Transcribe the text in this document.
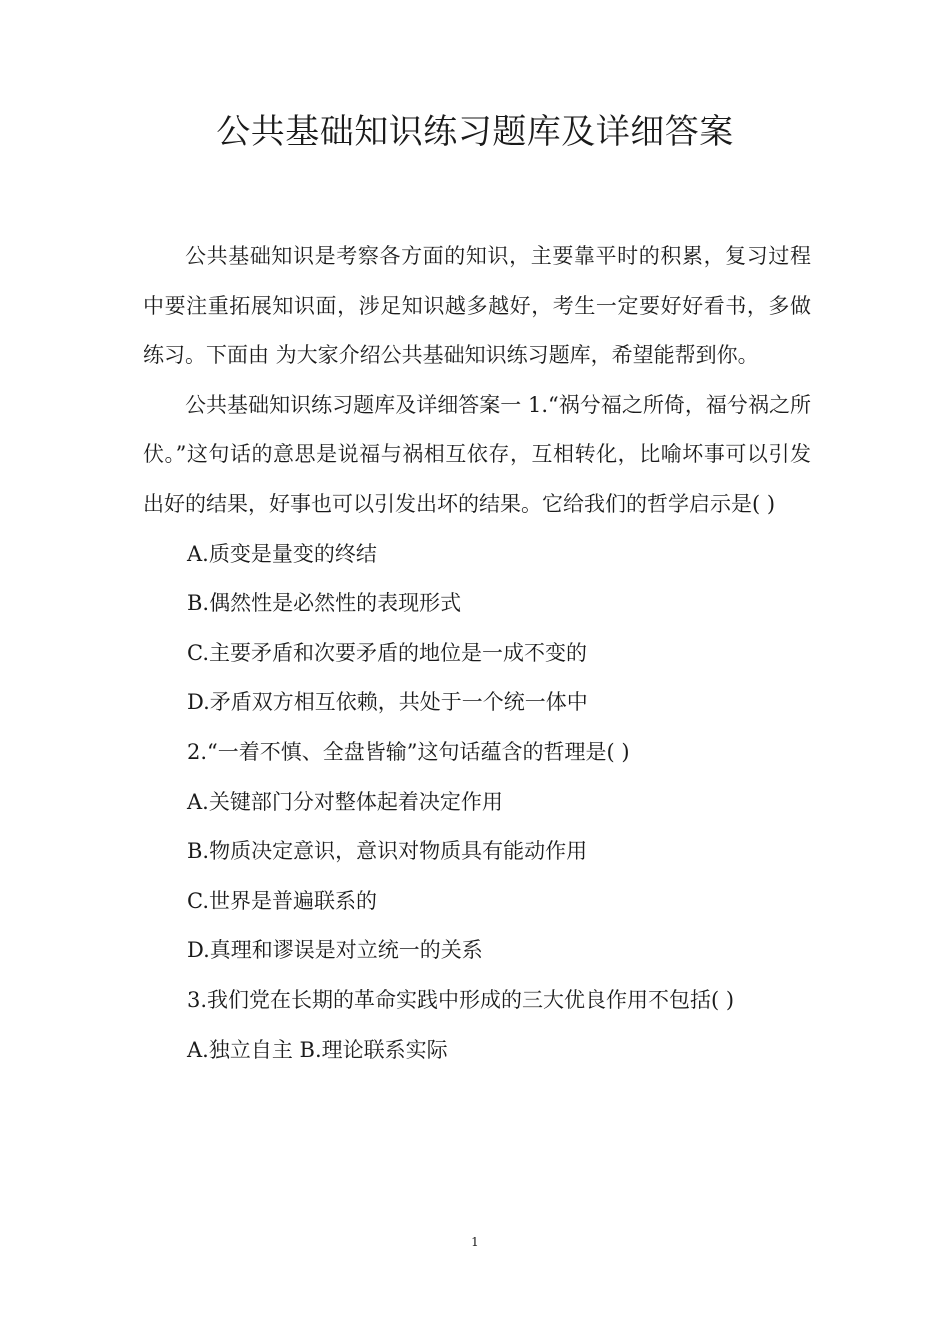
公共基础知识练习题库及详细答案

公共基础知识是考察各方面的知识，主要靠平时的积累，复习过程中要注重拓展知识面，涉足知识越多越好，考生一定要好好看书，多做练习。下面由 为大家介绍公共基础知识练习题库，希望能帮到你。

公共基础知识练习题库及详细答案一 1.“祸兮福之所倚，福兮祸之所伏。”这句话的意思是说福与祸相互依存，互相转化，比喻坏事可以引发出好的结果，好事也可以引发出坏的结果。它给我们的哲学启示是( )

A.质变是量变的终结

B.偶然性是必然性的表现形式

C.主要矛盾和次要矛盾的地位是一成不变的

D.矛盾双方相互依赖，共处于一个统一体中

2.“一着不慎、全盘皆输”这句话蕴含的哲理是( )

A.关键部门分对整体起着决定作用

B.物质决定意识，意识对物质具有能动作用

C.世界是普遍联系的

D.真理和谬误是对立统一的关系

3.我们党在长期的革命实践中形成的三大优良作用不包括( )

A.独立自主 B.理论联系实际

1
